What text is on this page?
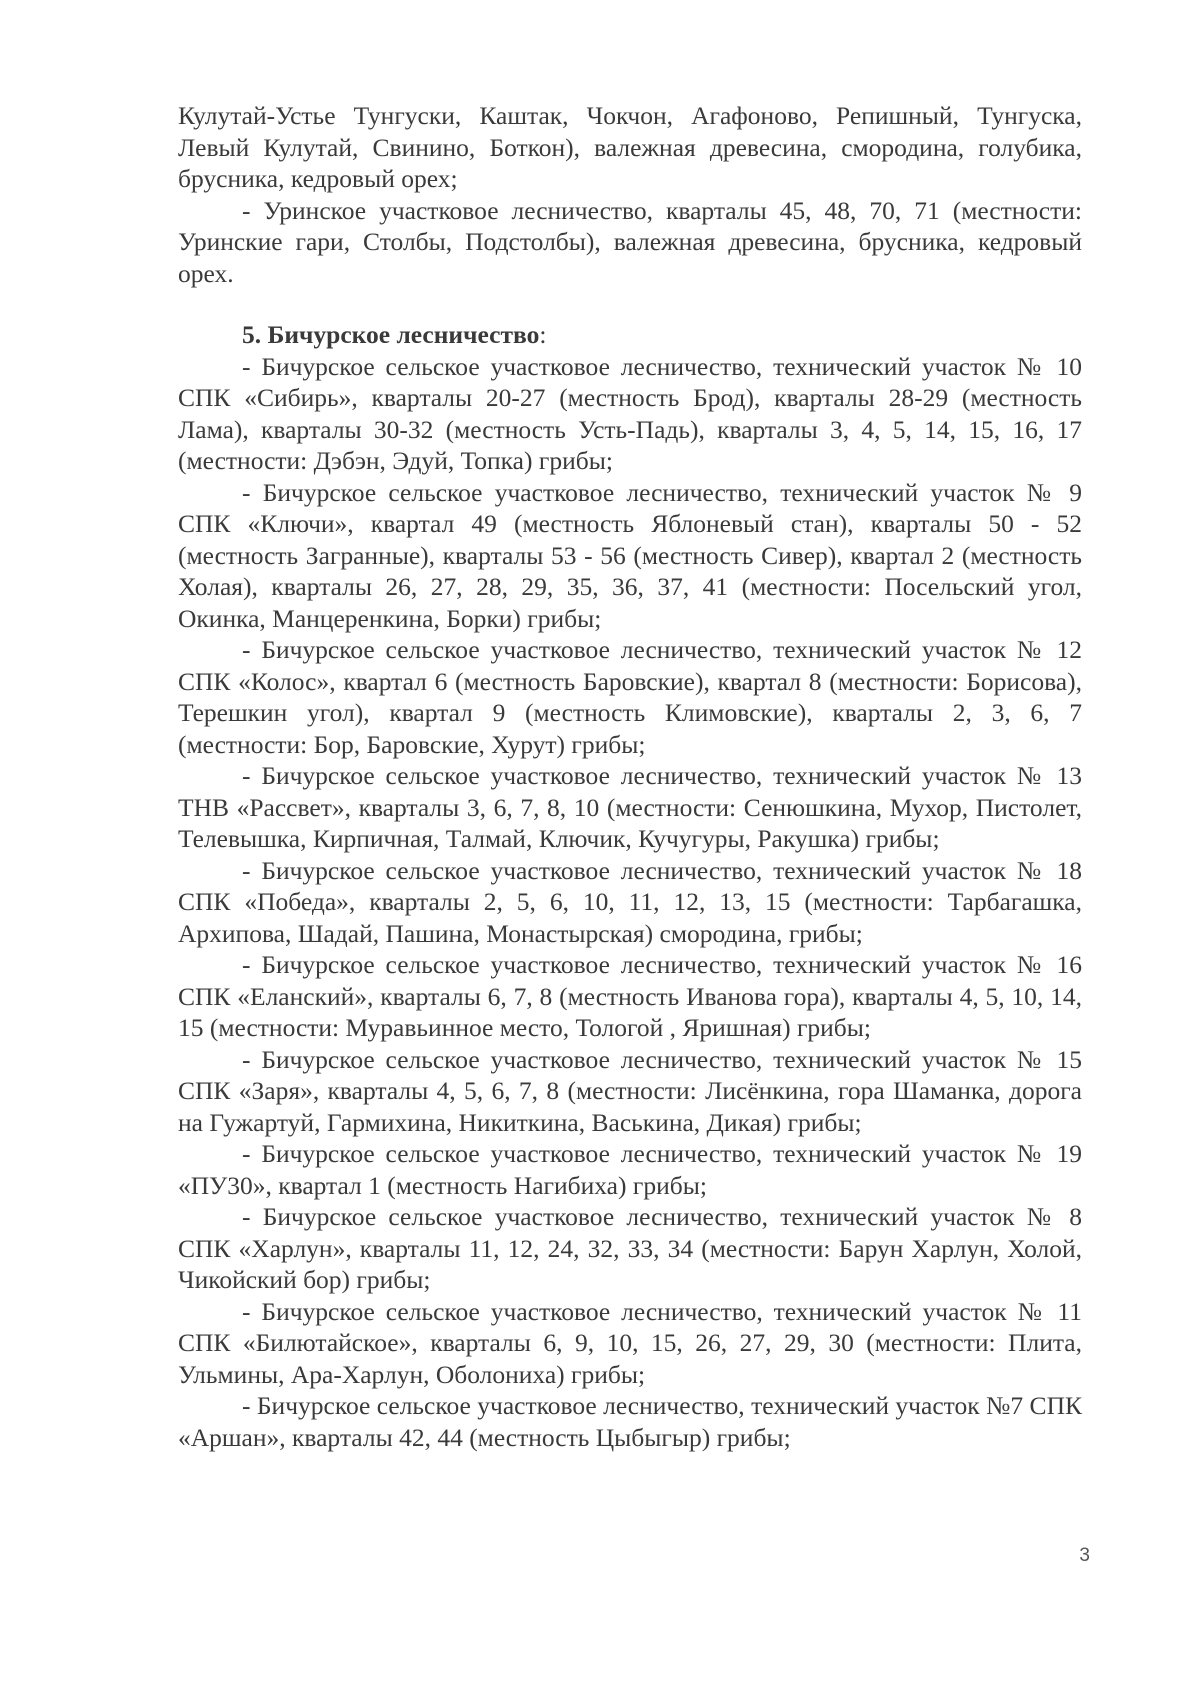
Кулутай-Устье Тунгуски, Каштак, Чокчон, Агафоново, Репишный, Тунгуска, Левый Кулутай, Свинино, Боткон), валежная древесина, смородина, голубика, брусника, кедровый орех;

- Уринское участковое лесничество, кварталы 45, 48, 70, 71 (местности: Уринские гари, Столбы, Подстолбы), валежная древесина, брусника, кедровый орех.

5. Бичурское лесничество:

- Бичурское сельское участковое лесничество, технический участок № 10 СПК «Сибирь», кварталы 20-27 (местность Брод), кварталы 28-29 (местность Лама), кварталы 30-32 (местность Усть-Падь), кварталы 3, 4, 5, 14, 15, 16, 17 (местности: Дэбэн, Эдуй, Топка) грибы;

- Бичурское сельское участковое лесничество, технический участок № 9 СПК «Ключи», квартал 49 (местность Яблоневый стан), кварталы 50 - 52 (местность Загранные), кварталы 53 - 56 (местность Сивер), квартал 2 (местность Холая), кварталы 26, 27, 28, 29, 35, 36, 37, 41 (местности: Посельский угол, Окинка, Манцеренкина, Борки) грибы;

- Бичурское сельское участковое лесничество, технический участок № 12 СПК «Колос», квартал 6 (местность Баровские), квартал 8 (местности: Борисова), Терешкин угол), квартал 9 (местность Климовские), кварталы 2, 3, 6, 7 (местности: Бор, Баровские, Хурут) грибы;

- Бичурское сельское участковое лесничество, технический участок № 13 ТНВ «Рассвет», кварталы 3, 6, 7, 8, 10 (местности: Сенюшкина, Мухор, Пистолет, Телевышка, Кирпичная, Талмай, Ключик, Кучугуры, Ракушка) грибы;

- Бичурское сельское участковое лесничество, технический участок № 18 СПК «Победа», кварталы 2, 5, 6, 10, 11, 12, 13, 15 (местности: Тарбагашка, Архипова, Шадай, Пашина, Монастырская) смородина, грибы;

- Бичурское сельское участковое лесничество, технический участок № 16 СПК «Еланский», кварталы 6, 7, 8 (местность Иванова гора), кварталы 4, 5, 10, 14, 15 (местности: Муравьинное место, Тологой , Яришная) грибы;

- Бичурское сельское участковое лесничество, технический участок № 15 СПК «Заря», кварталы 4, 5, 6, 7, 8 (местности: Лисёнкина, гора Шаманка, дорога на Гужартуй, Гармихина, Никиткина, Васькина, Дикая) грибы;

- Бичурское сельское участковое лесничество, технический участок № 19 «ПУ30», квартал 1 (местность Нагибиха) грибы;

- Бичурское сельское участковое лесничество, технический участок № 8 СПК «Харлун», кварталы 11, 12, 24, 32, 33, 34 (местности: Барун Харлун, Холой, Чикойский бор) грибы;

- Бичурское сельское участковое лесничество, технический участок № 11 СПК «Билютайское», кварталы 6, 9, 10, 15, 26, 27, 29, 30 (местности: Плита, Ульмины, Ара-Харлун, Оболониха) грибы;

- Бичурское сельское участковое лесничество, технический участок №7 СПК «Аршан», кварталы 42, 44 (местность Цыбыгыр) грибы;

3
